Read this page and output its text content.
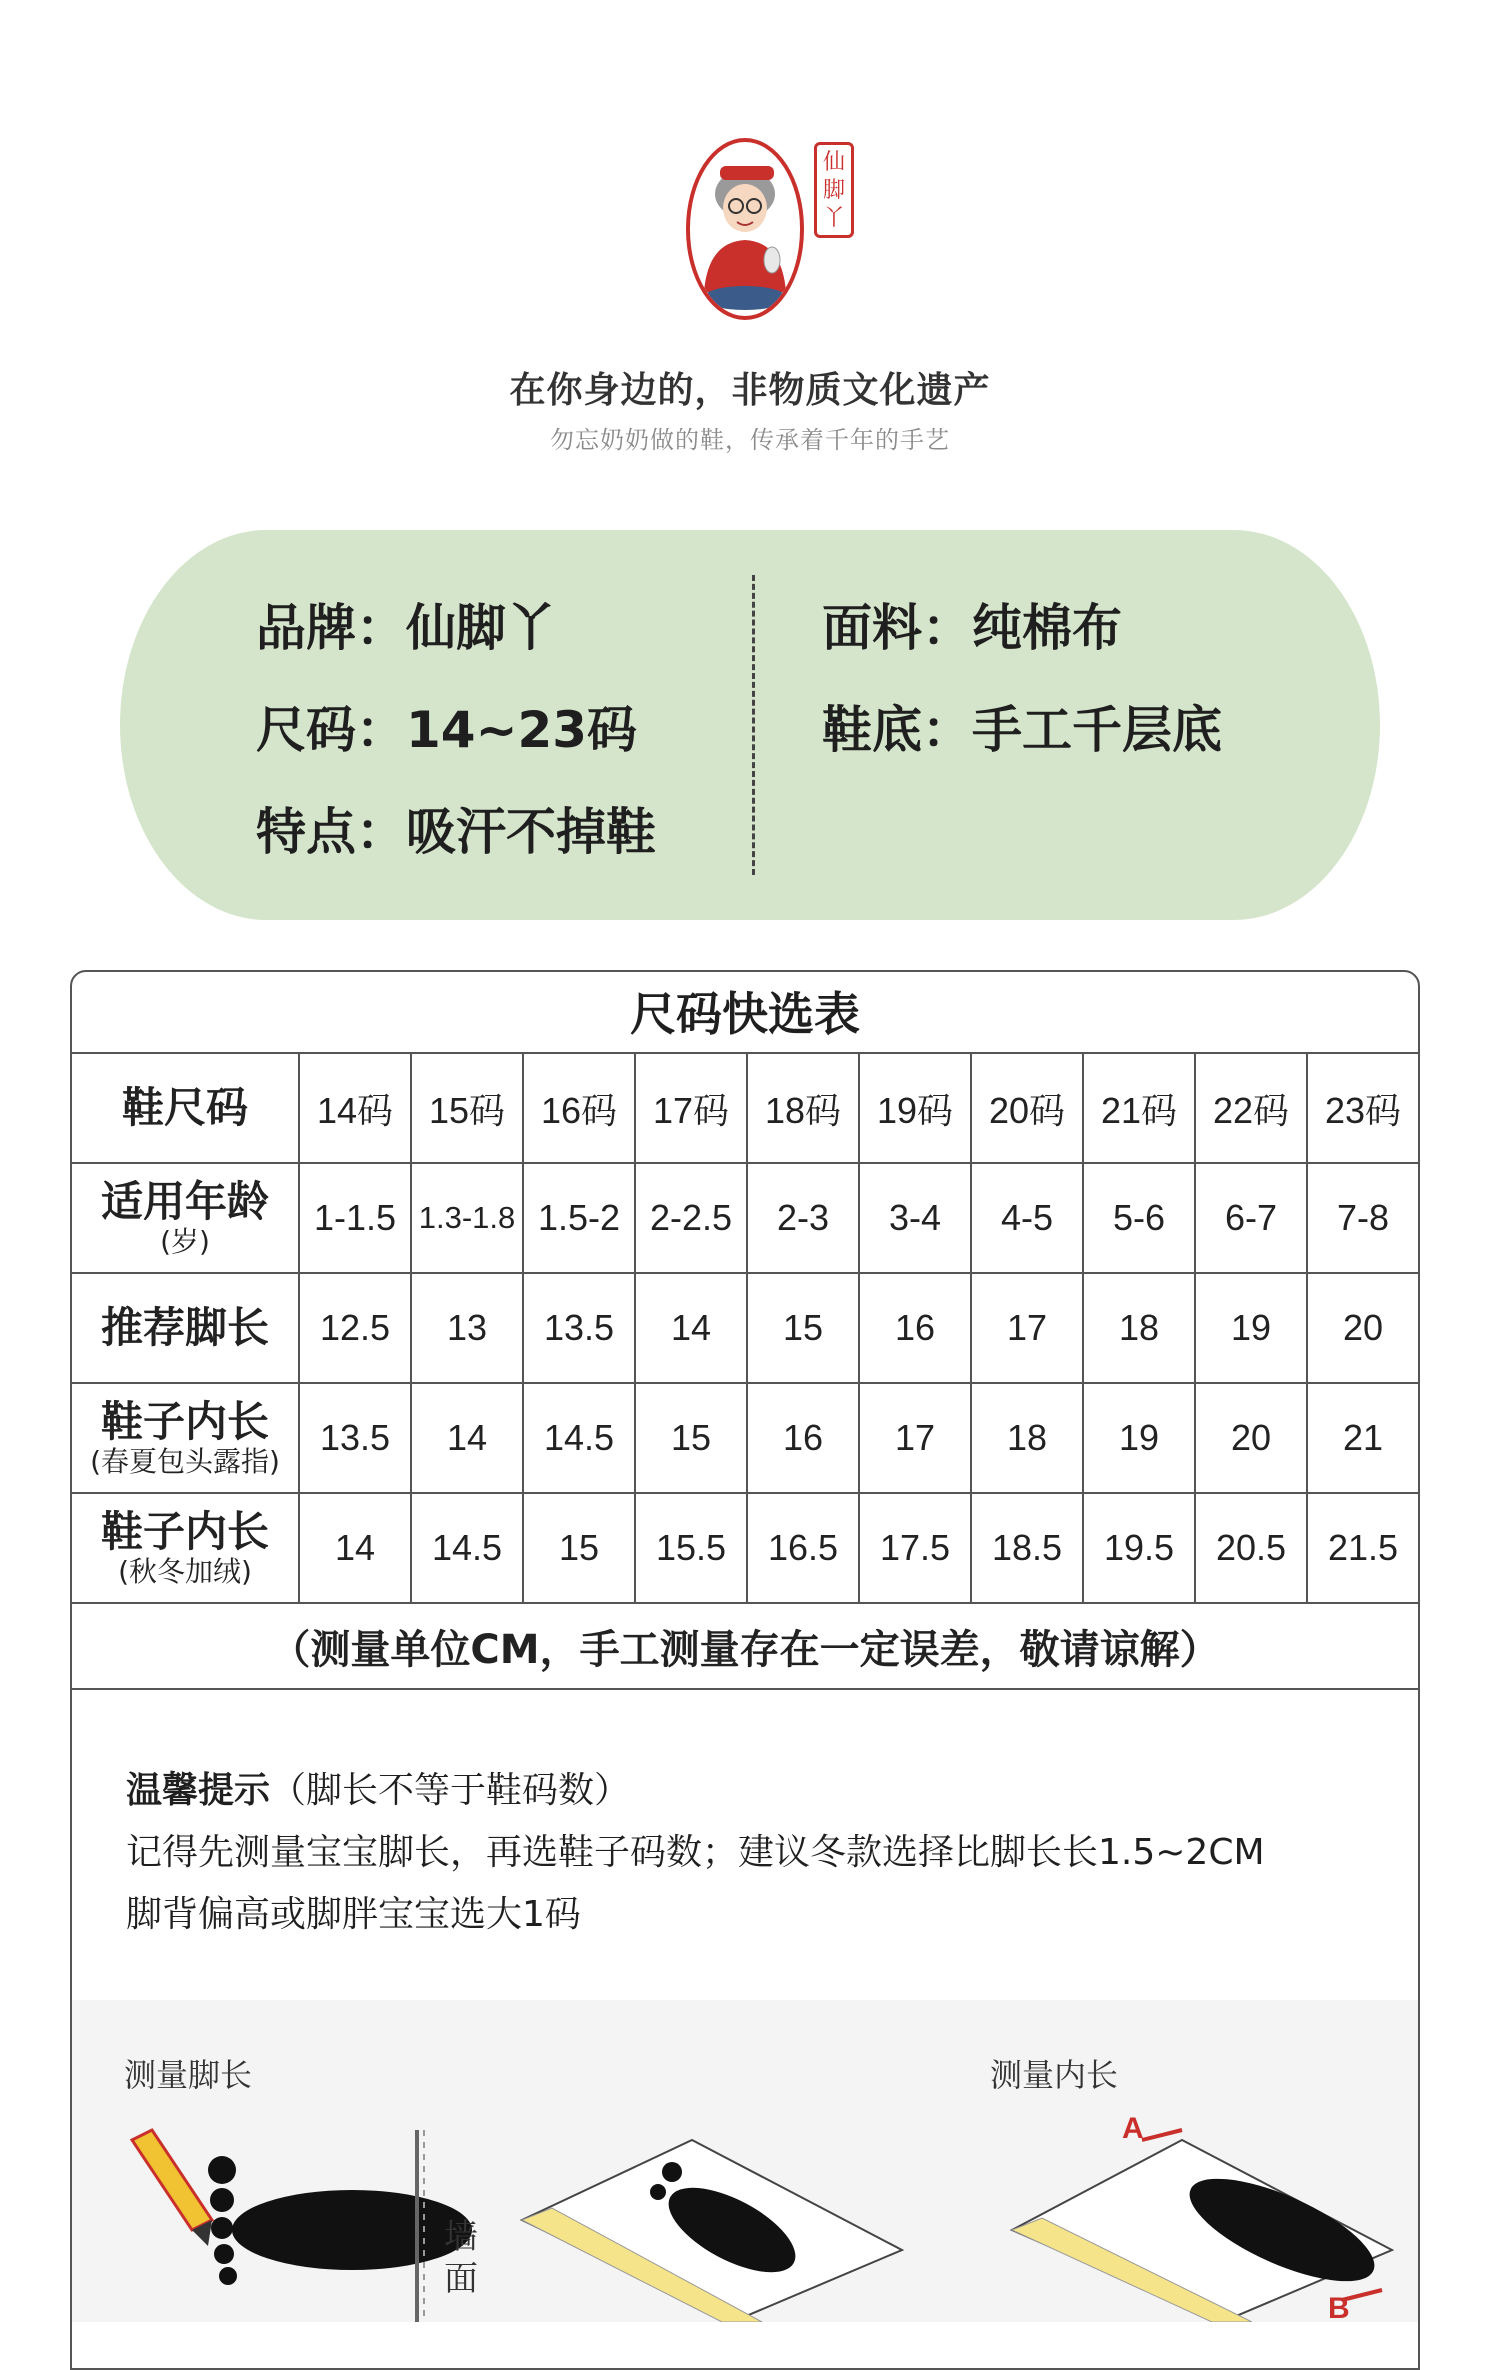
仙
脚
丫
在你身边的，非物质文化遗产
勿忘奶奶做的鞋，传承着千年的手艺
品牌：仙脚丫
尺码：14~23码
特点：吸汗不掉鞋
面料：纯棉布
鞋底：手工千层底
尺码快选表
鞋尺码	14码	15码	16码	17码	18码	19码	20码	21码	22码	23码

适用年龄
(岁)	1-1.5	1.3-1.8	1.5-2	2-2.5	2-3	3-4	4-5	5-6	6-7	7-8

推荐脚长	12.5	13	13.5	14	15	16	17	18	19	20

鞋子内长
(春夏包头露指)	13.5	14	14.5	15	16	17	18	19	20	21

鞋子内长
(秋冬加绒)	14	14.5	15	15.5	16.5	17.5	18.5	19.5	20.5	21.5
（测量单位CM，手工测量存在一定误差，敬请谅解）										
温馨提示（脚长不等于鞋码数）
记得先测量宝宝脚长，再选鞋子码数；建议冬款选择比脚长长1.5~2CM
脚背偏高或脚胖宝宝选大1码
测量脚长	测量内长
墙
面
A
B
